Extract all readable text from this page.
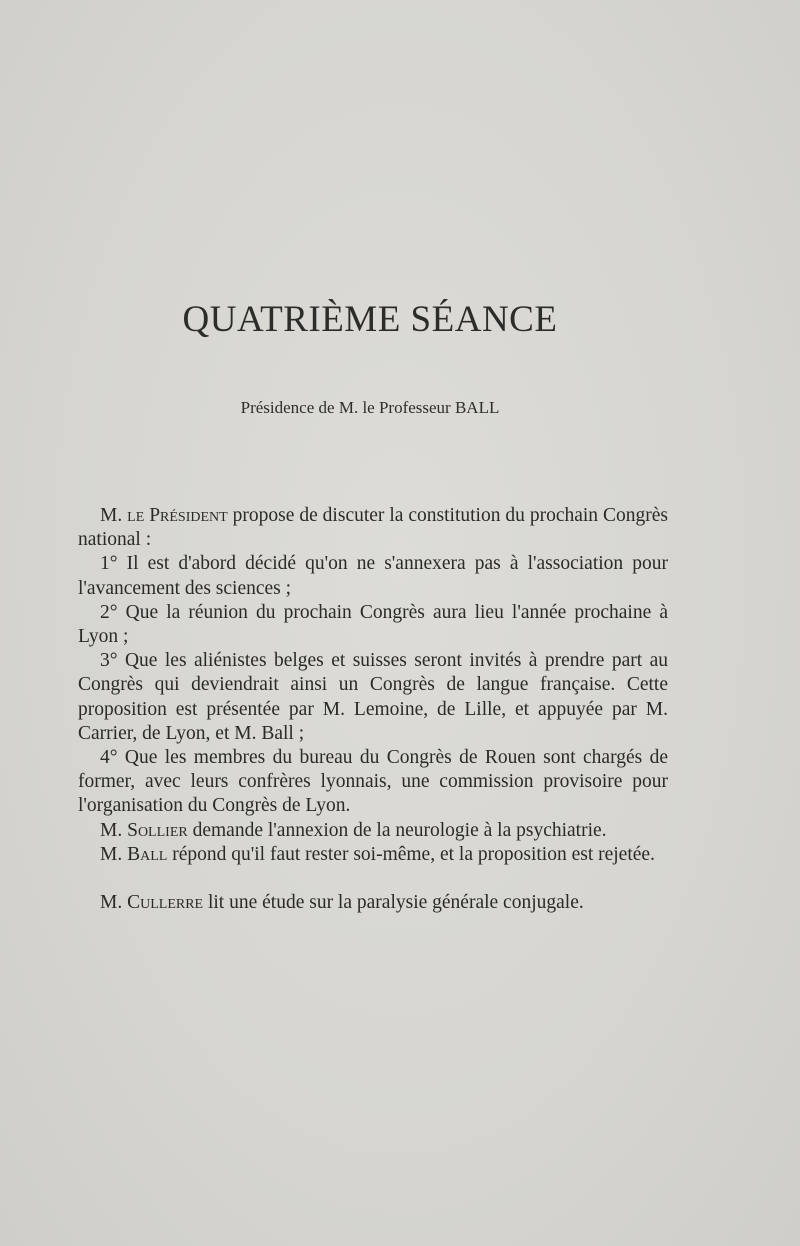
QUATRIÈME SÉANCE

Présidence de M. le Professeur BALL

M. le Président propose de discuter la constitution du prochain Congrès national :

1° Il est d'abord décidé qu'on ne s'annexera pas à l'association pour l'avancement des sciences ;

2° Que la réunion du prochain Congrès aura lieu l'année prochaine à Lyon ;

3° Que les aliénistes belges et suisses seront invités à prendre part au Congrès qui deviendrait ainsi un Congrès de langue française. Cette proposition est présentée par M. Lemoine, de Lille, et appuyée par M. Carrier, de Lyon, et M. Ball ;

4° Que les membres du bureau du Congrès de Rouen sont chargés de former, avec leurs confrères lyonnais, une commission provisoire pour l'organisation du Congrès de Lyon.

M. Sollier demande l'annexion de la neurologie à la psychiatrie.

M. Ball répond qu'il faut rester soi-même, et la proposition est rejetée.

M. Cullerre lit une étude sur la paralysie générale conjugale.
